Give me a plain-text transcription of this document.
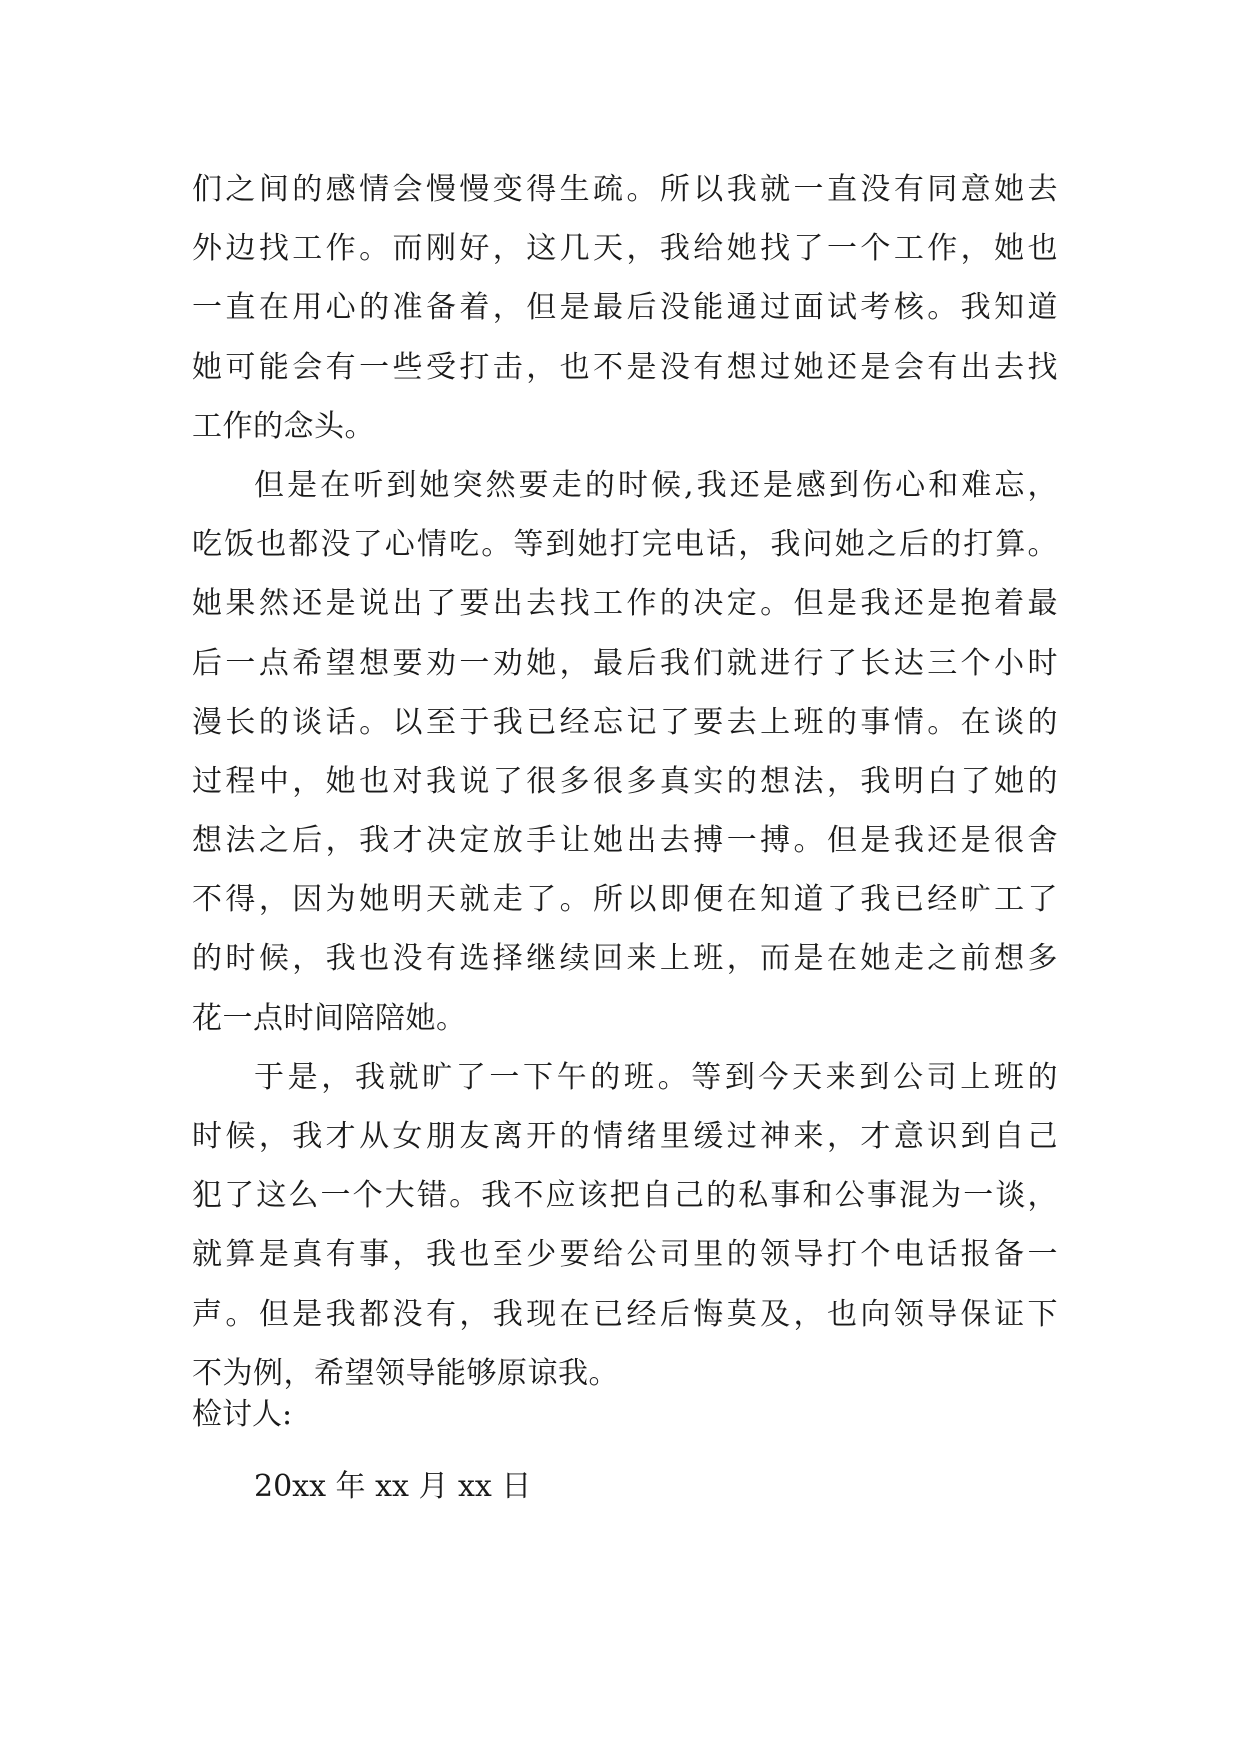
们之间的感情会慢慢变得生疏。所以我就一直没有同意她去
外边找工作。而刚好，这几天，我给她找了一个工作，她也
一直在用心的准备着，但是最后没能通过面试考核。我知道
她可能会有一些受打击，也不是没有想过她还是会有出去找
工作的念头。
但是在听到她突然要走的时候,我还是感到伤心和难忘，
吃饭也都没了心情吃。等到她打完电话，我问她之后的打算。
她果然还是说出了要出去找工作的决定。但是我还是抱着最
后一点希望想要劝一劝她，最后我们就进行了长达三个小时
漫长的谈话。以至于我已经忘记了要去上班的事情。在谈的
过程中，她也对我说了很多很多真实的想法，我明白了她的
想法之后，我才决定放手让她出去搏一搏。但是我还是很舍
不得，因为她明天就走了。所以即便在知道了我已经旷工了
的时候，我也没有选择继续回来上班，而是在她走之前想多
花一点时间陪陪她。
于是，我就旷了一下午的班。等到今天来到公司上班的
时候，我才从女朋友离开的情绪里缓过神来，才意识到自己
犯了这么一个大错。我不应该把自己的私事和公事混为一谈，
就算是真有事，我也至少要给公司里的领导打个电话报备一
声。但是我都没有，我现在已经后悔莫及，也向领导保证下
不为例，希望领导能够原谅我。
检讨人:
20xx 年 xx 月 xx 日
